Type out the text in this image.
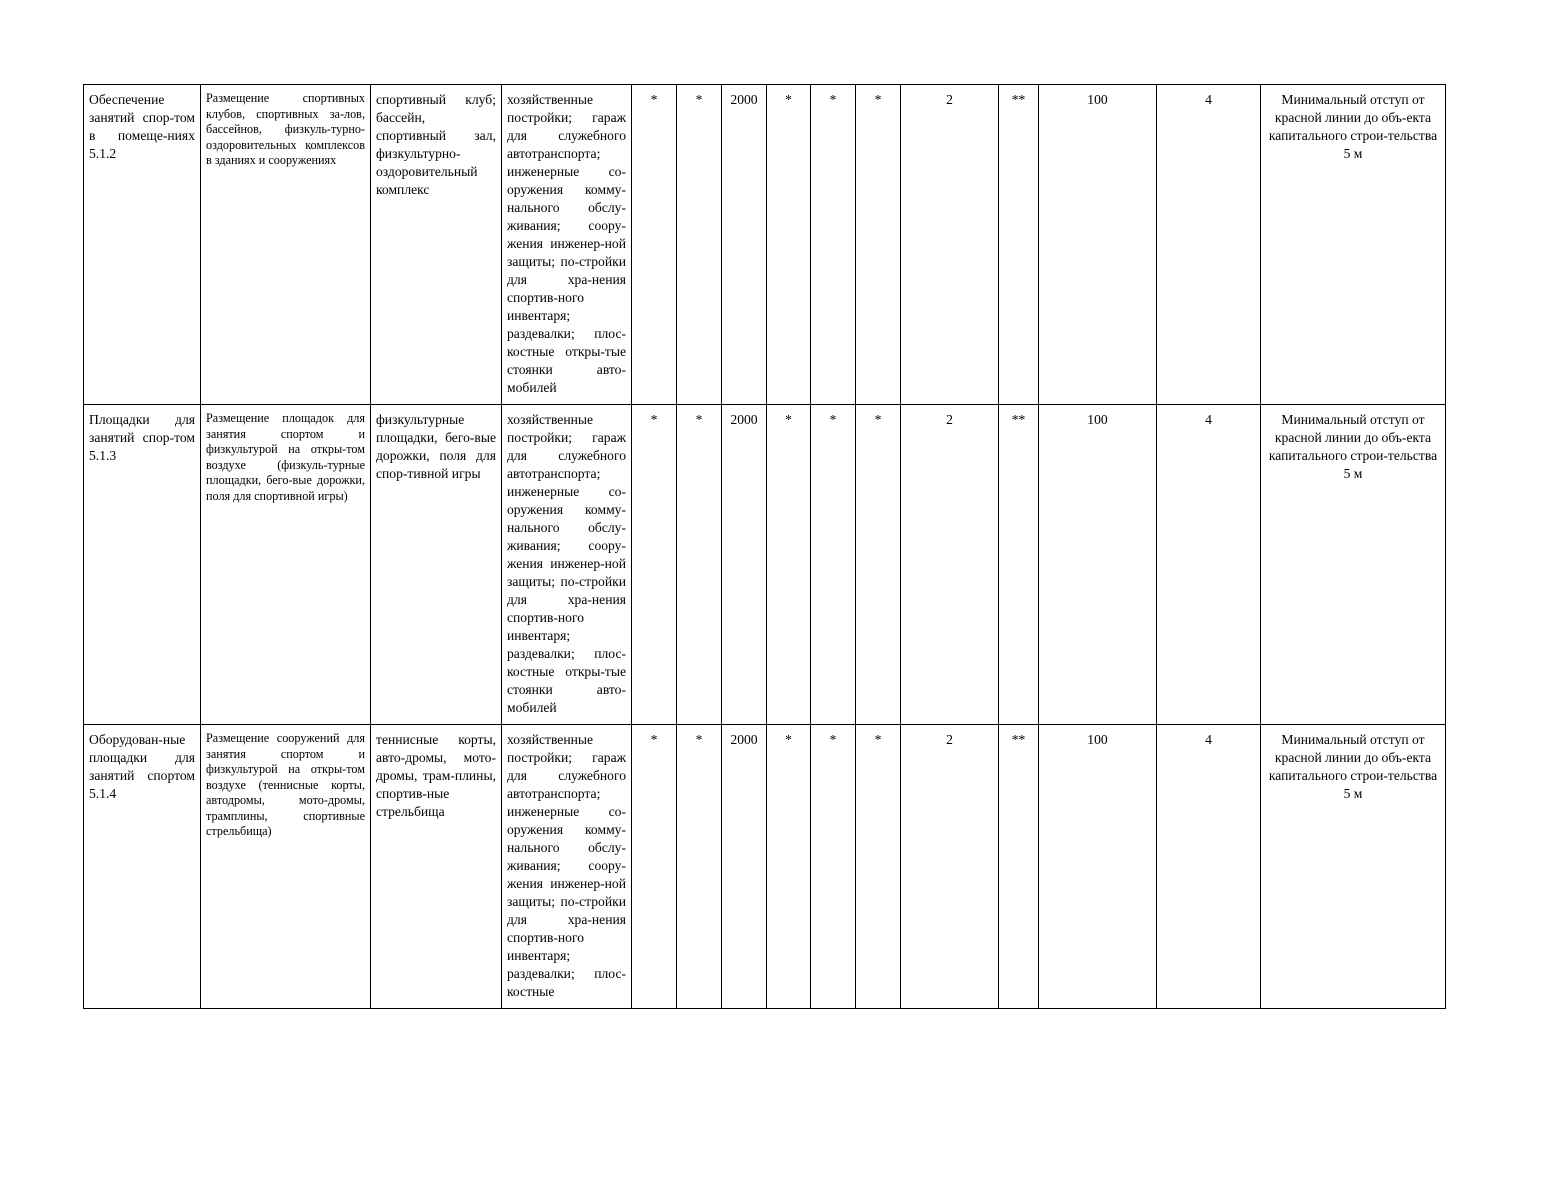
Обеспечение занятий спор-том в помеще-ниях 5.1.2	Размещение спортивных клубов, спортивных за-лов, бассейнов, физкуль-турно-оздоровительных комплексов в зданиях и сооружениях	спортивный клуб; бассейн, спортивный зал, физкультурно-оздоровительный комплекс	хозяйственные постройки; гараж для служебного автотранспорта; инженерные со-оружения комму-нального обслу-живания; соору-жения инженер-ной защиты; по-стройки для хра-нения спортив-ного инвентаря; раздевалки; плос-костные откры-тые стоянки авто-мобилей	*	*	2000	*	*	*	2	**	100	4	Минимальный отступ от красной линии до объ-екта капитального строи-тельства 5 м
Площадки для занятий спор-том 5.1.3	Размещение площадок для занятия спортом и физкультурой на откры-том воздухе (физкуль-турные площадки, бего-вые дорожки, поля для спортивной игры)	физкультурные площадки, бего-вые дорожки, поля для спор-тивной игры	хозяйственные постройки; гараж для служебного автотранспорта; инженерные со-оружения комму-нального обслу-живания; соору-жения инженер-ной защиты; по-стройки для хра-нения спортив-ного инвентаря; раздевалки; плос-костные откры-тые стоянки авто-мобилей	*	*	2000	*	*	*	2	**	100	4	Минимальный отступ от красной линии до объ-екта капитального строи-тельства 5 м
Оборудован-ные площадки для занятий спортом 5.1.4	Размещение сооружений для занятия спортом и физкультурой на откры-том воздухе (теннисные корты, автодромы, мото-дромы, трамплины, спортивные стрельбища)	теннисные корты, авто-дромы, мото-дромы, трам-плины, спортив-ные стрельбища	хозяйственные постройки; гараж для служебного автотранспорта; инженерные со-оружения комму-нального обслу-живания; соору-жения инженер-ной защиты; по-стройки для хра-нения спортив-ного инвентаря; раздевалки; плос-костные	*	*	2000	*	*	*	2	**	100	4	Минимальный отступ от красной линии до объ-екта капитального строи-тельства 5 м
